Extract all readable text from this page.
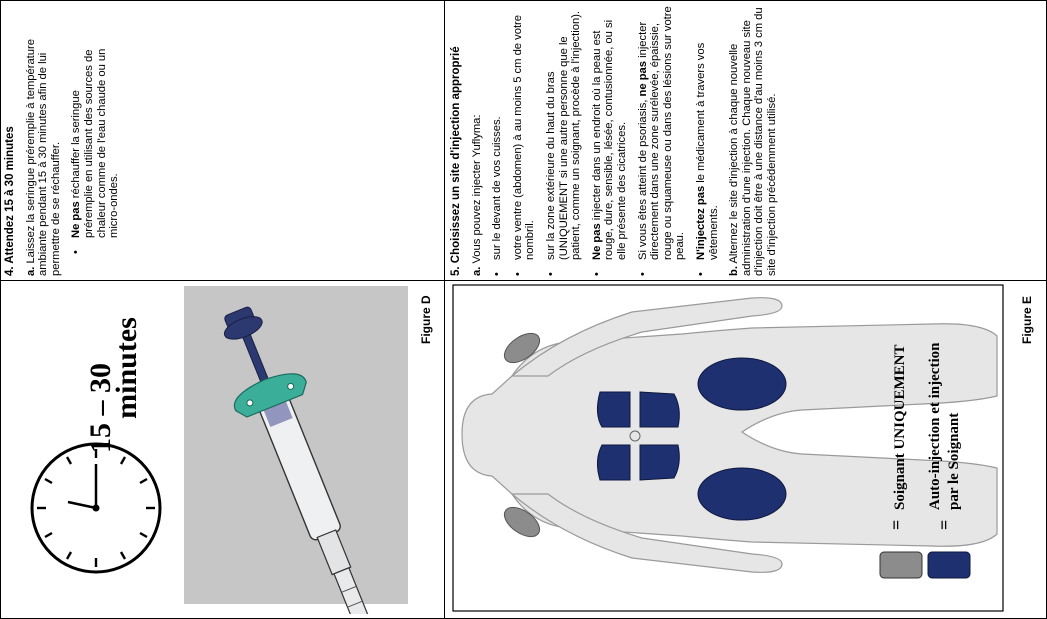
4. Attendez 15 à 30 minutes a. Laissez la seringue préremplie à température ambiante pendant 15 à 30 minutes afin de lui permettre de se réchauffer. •
Ne pas réchauffer la seringue préremplie en utilisant des sources de chaleur comme de l'eau chaude ou un micro-ondes.
15 – 30
minutes	Figure D

5. Choisissez un site d'injection approprié a. Vous pouvez injecter Yuflyma:

•
sur le devant de vos cuisses.
•
votre ventre (abdomen) à au moins 5 cm de votre nombril.
•
sur la zone extérieure du haut du bras (UNIQUEMENT si une autre personne que le patient, comme un soignant, procède à l'injection).
•
Ne pas injecter dans un endroit où la peau est rouge, dure, sensible, lésée, contusionnée, ou si elle présente des cicatrices.
•
Si vous êtes atteint de psoriasis, ne pas injecter directement dans une zone surélevée, épaissie, rouge ou squameuse ou dans des lésions sur votre peau.
•
N'injectez pas le médicament à travers vos vêtements.

b. Alternez le site d'injection à chaque nouvelle administration d'une injection. Chaque nouveau site d'injection doit être à une distance d'au moins 3 cm du site d'injection précédemment utilisé.

=
Soignant UNIQUEMENT
=
Auto-injection et injection par le Soignant
Figure E
